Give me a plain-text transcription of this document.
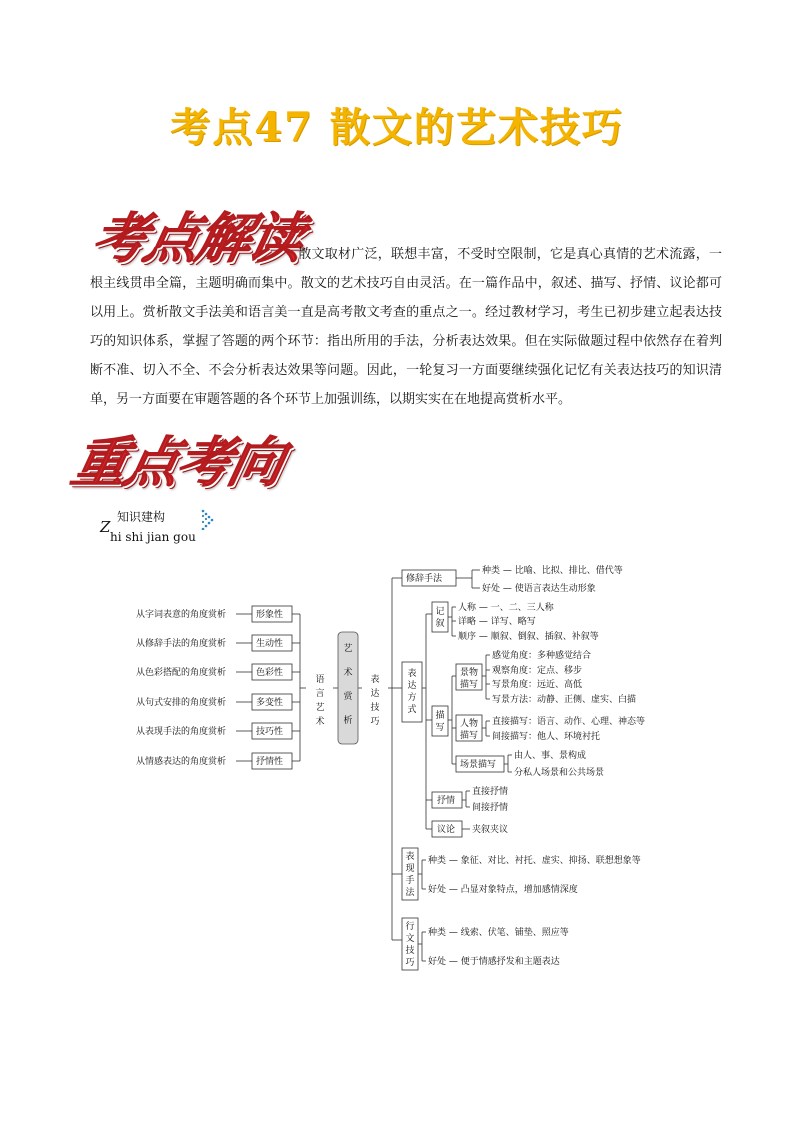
考点47 散文的艺术技巧
考点解读
散文取材广泛，联想丰富，不受时空限制，它是真心真情的艺术流露，一根主线贯串全篇，主题明确而集中。散文的艺术技巧自由灵活。在一篇作品中，叙述、描写、抒情、议论都可以用上。赏析散文手法美和语言美一直是高考散文考查的重点之一。经过教材学习，考生已初步建立起表达技巧的知识体系，掌握了答题的两个环节：指出所用的手法，分析表达效果。但在实际做题过程中依然存在着判断不准、切入不全、不会分析表达效果等问题。因此，一轮复习一方面要继续强化记忆有关表达技巧的知识清单，另一方面要在审题答题的各个环节上加强训练，以期实实在在地提高赏析水平。
重点考向
知识建构
Z
hi shi jian gou
从字词表意的角度赏析
从修辞手法的角度赏析
从色彩搭配的角度赏析
从句式安排的角度赏析
从表现手法的角度赏析
从情感表达的角度赏析
形象性
生动性
色彩性
多变性
技巧性
抒情性
语言艺术
艺术赏析
表达技巧
表达方式
记叙
描写
表现手法
行文技巧
景物描写
人物描写
修辞手法
种类 — 比喻、比拟、排比、借代等
好处 — 使语言表达生动形象
人称 — 一、二、三人称
详略 — 详写、略写
顺序 — 顺叙、倒叙、插叙、补叙等
感觉角度：多种感觉结合
观察角度：定点、移步
写景角度：远近、高低
写景方法：动静、正侧、虚实、白描
直接描写：语言、动作、心理、神态等
间接描写：他人、环境衬托
场景描写
由人、事、景构成
分私人场景和公共场景
抒情
直接抒情
间接抒情
议论 夹叙夹议
种类 — 象征、对比、衬托、虚实、抑扬、联想想象等
好处 — 凸显对象特点，增加感情深度
种类 — 线索、伏笔、铺垫、照应等
好处 — 便于情感抒发和主题表达
